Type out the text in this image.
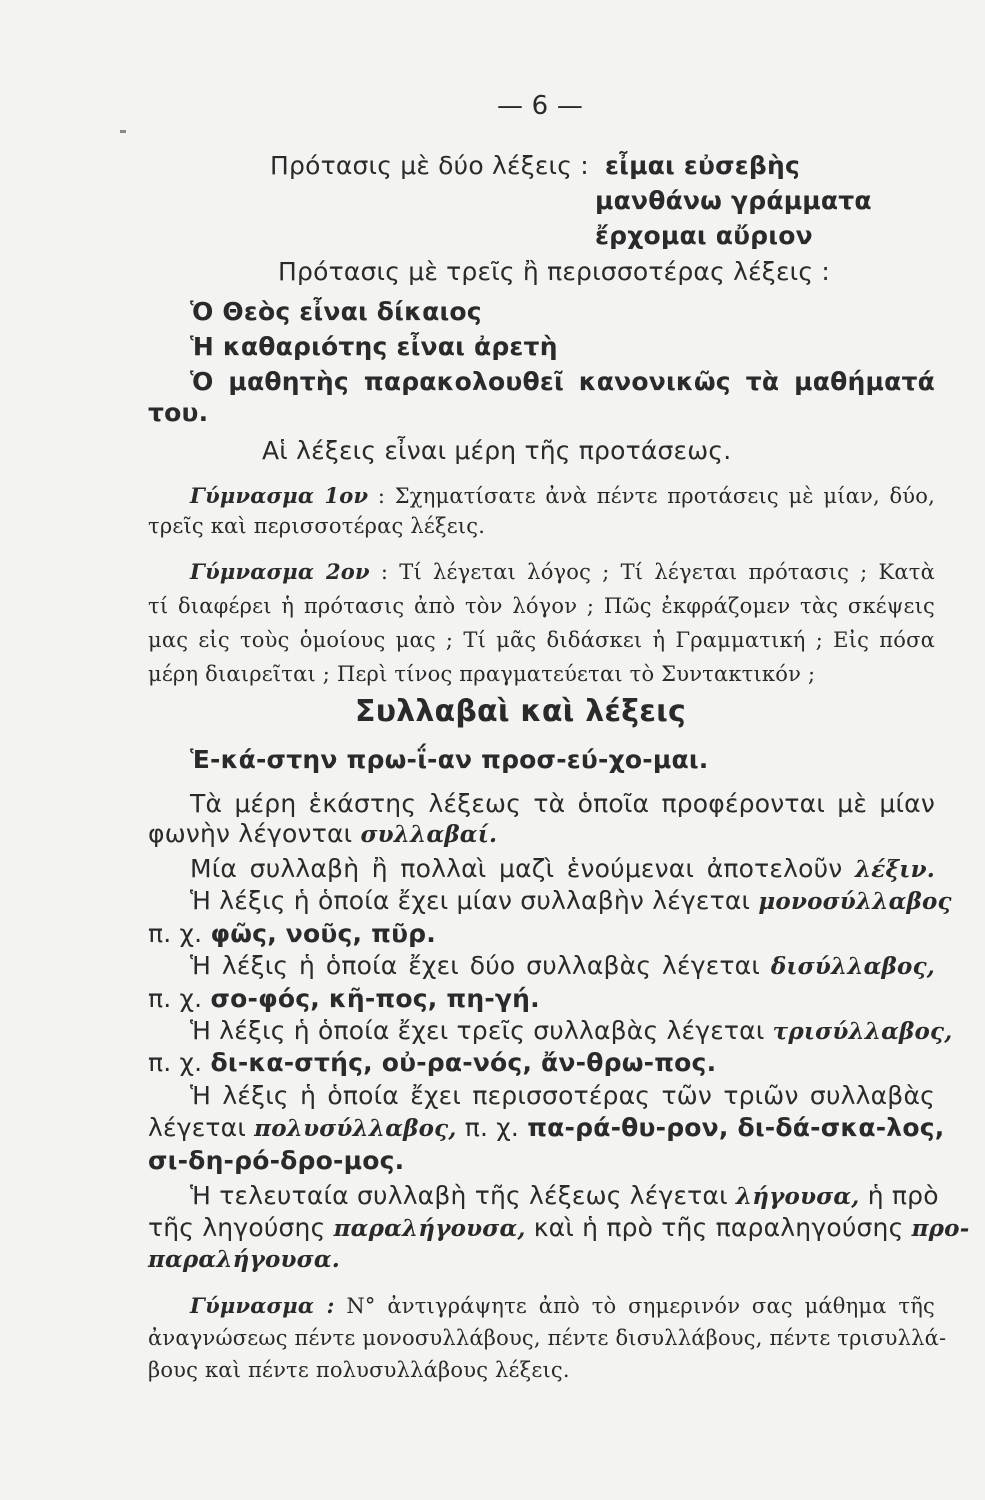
— 6 —
Πρότασις μὲ δύο λέξεις : εἶμαι εὐσεβὴς
μανθάνω γράμματα
ἔρχομαι αὔριον
Πρότασις μὲ τρεῖς ἢ περισσοτέρας λέξεις :
Ὁ Θεὸς εἶναι δίκαιος
Ἡ καθαριότης εἶναι ἀρετὴ
Ὁ μαθητὴς παρακολουθεῖ κανονικῶς τὰ μαθήματά
του.
Αἱ λέξεις εἶναι μέρη τῆς προτάσεως.
Γύμνασμα 1ον : Σχηματίσατε ἀνὰ πέντε προτάσεις μὲ μίαν, δύο,
τρεῖς καὶ περισσοτέρας λέξεις.
Γύμνασμα 2ον : Τί λέγεται λόγος ; Τί λέγεται πρότασις ; Κατὰ
τί διαφέρει ἡ πρότασις ἀπὸ τὸν λόγον ; Πῶς ἐκφράζομεν τὰς σκέψεις
μας εἰς τοὺς ὁμοίους μας ; Τί μᾶς διδάσκει ἡ Γραμματική ; Εἰς πόσα
μέρη διαιρεῖται ; Περὶ τίνος πραγματεύεται τὸ Συντακτικόν ;
Συλλαβαὶ καὶ λέξεις
Ἑ-κά-στην πρω-ΐ-αν προσ-εύ-χο-μαι.
Τὰ μέρη ἑκάστης λέξεως τὰ ὁποῖα προφέρονται μὲ μίαν
φωνὴν λέγονται συλλαβαί.
Μία συλλαβὴ ἢ πολλαὶ μαζὶ ἑνούμεναι ἀποτελοῦν λέξιν.
Ἡ λέξις ἡ ὁποία ἔχει μίαν συλλαβὴν λέγεται μονοσύλλαβος
π. χ. φῶς, νοῦς, πῦρ.
Ἡ λέξις ἡ ὁποία ἔχει δύο συλλαβὰς λέγεται δισύλλαβος,
π. χ. σο-φός, κῆ-πος, πη-γή.
Ἡ λέξις ἡ ὁποία ἔχει τρεῖς συλλαβὰς λέγεται τρισύλλαβος,
π. χ. δι-κα-στής, οὐ-ρα-νός, ἄν-θρω-πος.
Ἡ λέξις ἡ ὁποία ἔχει περισσοτέρας τῶν τριῶν συλλαβὰς
λέγεται πολυσύλλαβος, π. χ. πα-ρά-θυ-ρον, δι-δά-σκα-λος,
σι-δη-ρό-δρο-μος.
Ἡ τελευταία συλλαβὴ τῆς λέξεως λέγεται λήγουσα, ἡ πρὸ
τῆς ληγούσης παραλήγουσα, καὶ ἡ πρὸ τῆς παραληγούσης προ-
παραλήγουσα.
Γύμνασμα : Ν° ἀντιγράψητε ἀπὸ τὸ σημερινόν σας μάθημα τῆς
ἀναγνώσεως πέντε μονοσυλλάβους, πέντε δισυλλάβους, πέντε τρισυλλά-
βους καὶ πέντε πολυσυλλάβους λέξεις.
